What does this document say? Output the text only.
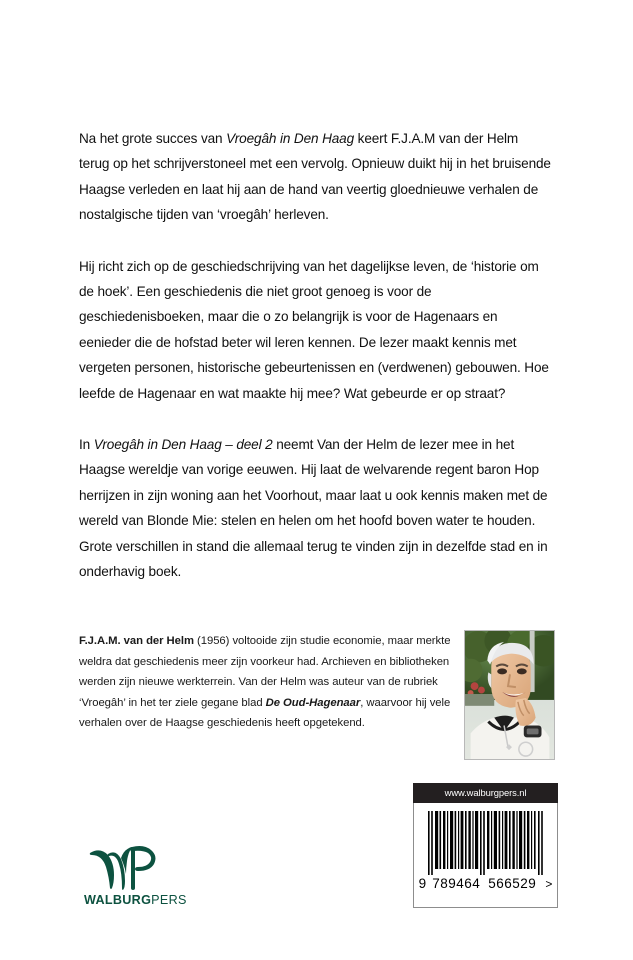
Na het grote succes van Vroegâh in Den Haag keert F.J.A.M van der Helm terug op het schrijverstoneel met een vervolg. Opnieuw duikt hij in het bruisende Haagse verleden en laat hij aan de hand van veertig gloednieuwe verhalen de nostalgische tijden van ‘vroegâh’ herleven.

Hij richt zich op de geschiedschrijving van het dagelijkse leven, de ‘historie om de hoek’. Een geschiedenis die niet groot genoeg is voor de geschiedenisboeken, maar die o zo belangrijk is voor de Hagenaars en eenieder die de hofstad beter wil leren kennen. De lezer maakt kennis met vergeten personen, historische gebeurtenissen en (verdwenen) gebouwen. Hoe leefde de Hagenaar en wat maakte hij mee? Wat gebeurde er op straat?

In Vroegâh in Den Haag – deel 2 neemt Van der Helm de lezer mee in het Haagse wereldje van vorige eeuwen. Hij laat de welvarende regent baron Hop herrijzen in zijn woning aan het Voorhout, maar laat u ook kennis maken met de wereld van Blonde Mie: stelen en helen om het hoofd boven water te houden. Grote verschillen in stand die allemaal terug te vinden zijn in dezelfde stad en in onderhavig boek.

F.J.A.M. van der Helm (1956) voltooide zijn studie economie, maar merkte weldra dat geschiedenis meer zijn voorkeur had. Archieven en bibliotheken werden zijn nieuwe werkterrein. Van der Helm was auteur van de rubriek ‘Vroegâh’ in het ter ziele gegane blad De Oud-Hagenaar, waarvoor hij vele verhalen over de Haagse geschiedenis heeft opgetekend.

www.walburgpers.nl
9 789464 566529 >
WALBURGPERS
